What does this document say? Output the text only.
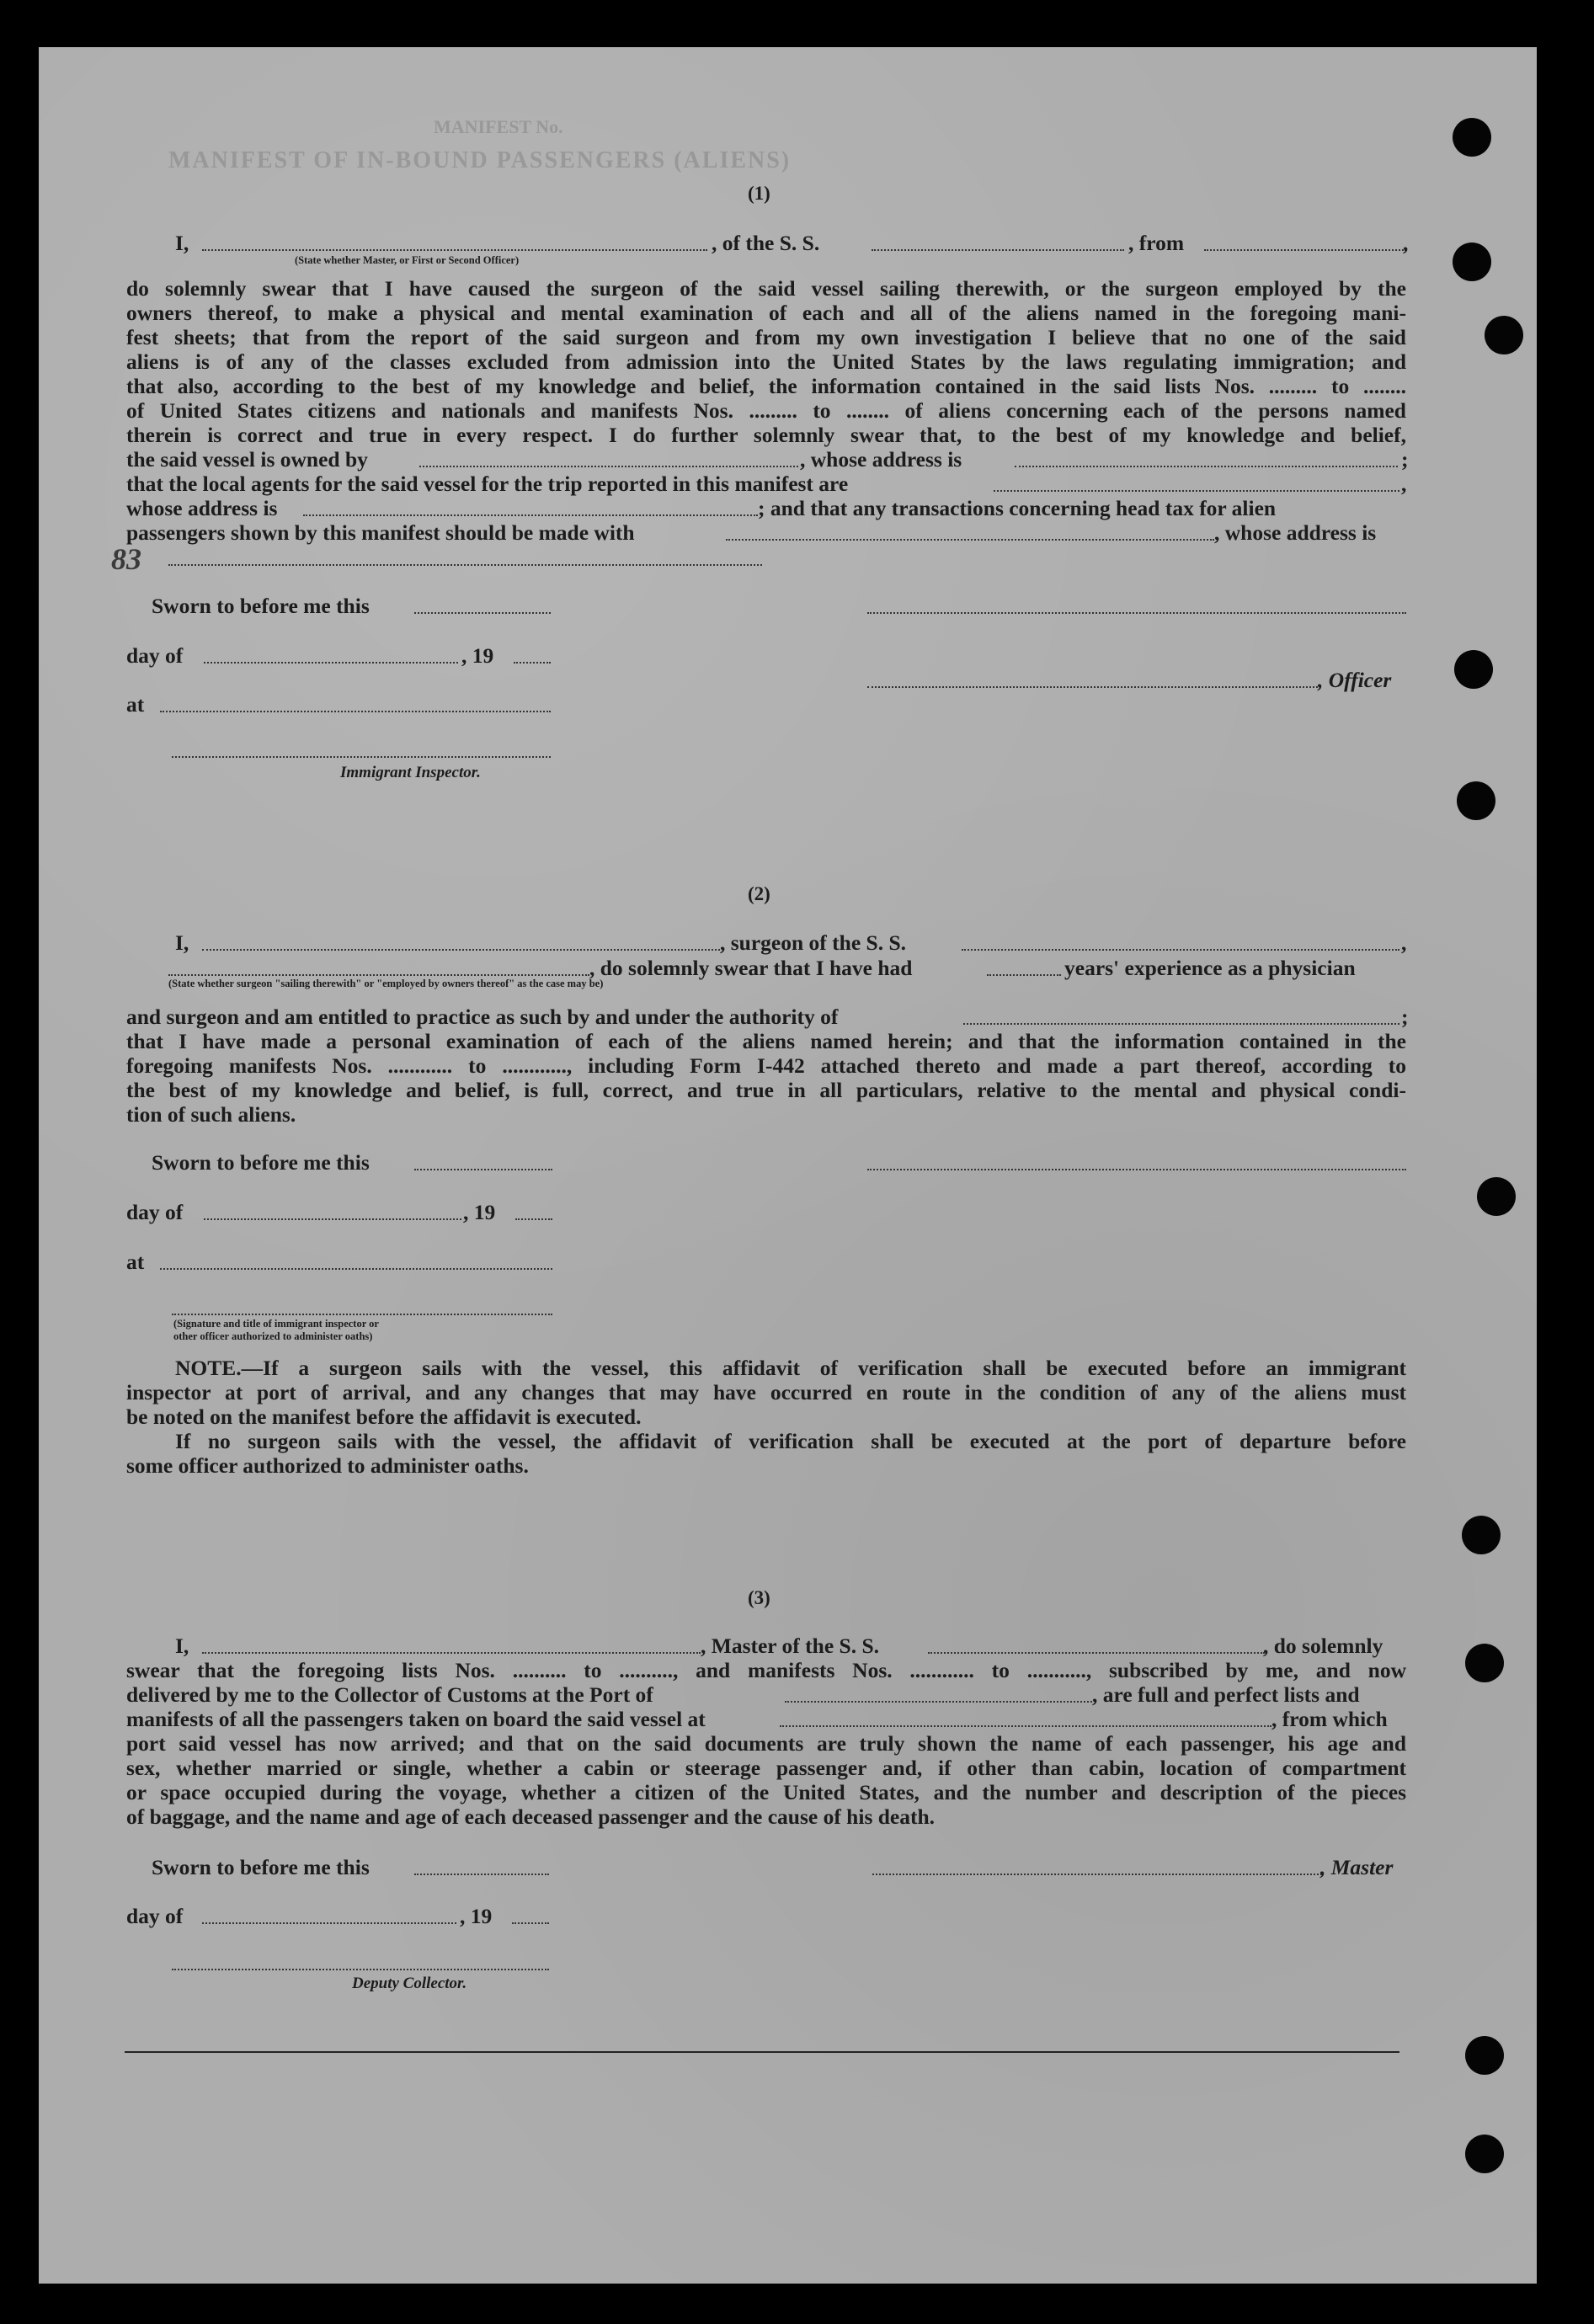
MANIFEST No.
MANIFEST OF IN-BOUND PASSENGERS (ALIENS)
(1)
I,	, of the S. S.	, from	,
(State whether Master, or First or Second Officer)
do solemnly swear that I have caused the surgeon of the said vessel sailing therewith, or the surgeon employed by the
owners thereof, to make a physical and mental examination of each and all of the aliens named in the foregoing mani-
fest sheets; that from the report of the said surgeon and from my own investigation I believe that no one of the said
aliens is of any of the classes excluded from admission into the United States by the laws regulating immigration; and
that also, according to the best of my knowledge and belief, the information contained in the said lists Nos. ......... to ........
of United States citizens and nationals and manifests Nos. ......... to ........ of aliens concerning each of the persons named
therein is correct and true in every respect. I do further solemnly swear that, to the best of my knowledge and belief,
the said vessel is owned by	, whose address is	;
that the local agents for the said vessel for the trip reported in this manifest are	,
whose address is	; and that any transactions concerning head tax for alien
passengers shown by this manifest should be made with	, whose address is
83
Sworn to before me this
day of	, 19
, Officer
at
Immigrant Inspector.
(2)
I,	, surgeon of the S. S.	,
, do solemnly swear that I have had	years' experience as a physician
(State whether surgeon "sailing therewith" or "employed by owners thereof" as the case may be)
and surgeon and am entitled to practice as such by and under the authority of	;
that I have made a personal examination of each of the aliens named herein; and that the information contained in the
foregoing manifests Nos. ............ to ............, including Form I-442 attached thereto and made a part thereof, according to
the best of my knowledge and belief, is full, correct, and true in all particulars, relative to the mental and physical condi-
tion of such aliens.
Sworn to before me this
day of	, 19
at
(Signature and title of immigrant inspector or
other officer authorized to administer oaths)
NOTE.—If a surgeon sails with the vessel, this affidavit of verification shall be executed before an immigrant
inspector at port of arrival, and any changes that may have occurred en route in the condition of any of the aliens must
be noted on the manifest before the affidavit is executed.
If no surgeon sails with the vessel, the affidavit of verification shall be executed at the port of departure before
some officer authorized to administer oaths.
(3)
I,	, Master of the S. S.	, do solemnly
swear that the foregoing lists Nos. .......... to .........., and manifests Nos. ............ to ..........., subscribed by me, and now
delivered by me to the Collector of Customs at the Port of	, are full and perfect lists and
manifests of all the passengers taken on board the said vessel at	, from which
port said vessel has now arrived; and that on the said documents are truly shown the name of each passenger, his age and
sex, whether married or single, whether a cabin or steerage passenger and, if other than cabin, location of compartment
or space occupied during the voyage, whether a citizen of the United States, and the number and description of the pieces
of baggage, and the name and age of each deceased passenger and the cause of his death.
Sworn to before me this	, Master
day of	, 19
Deputy Collector.
